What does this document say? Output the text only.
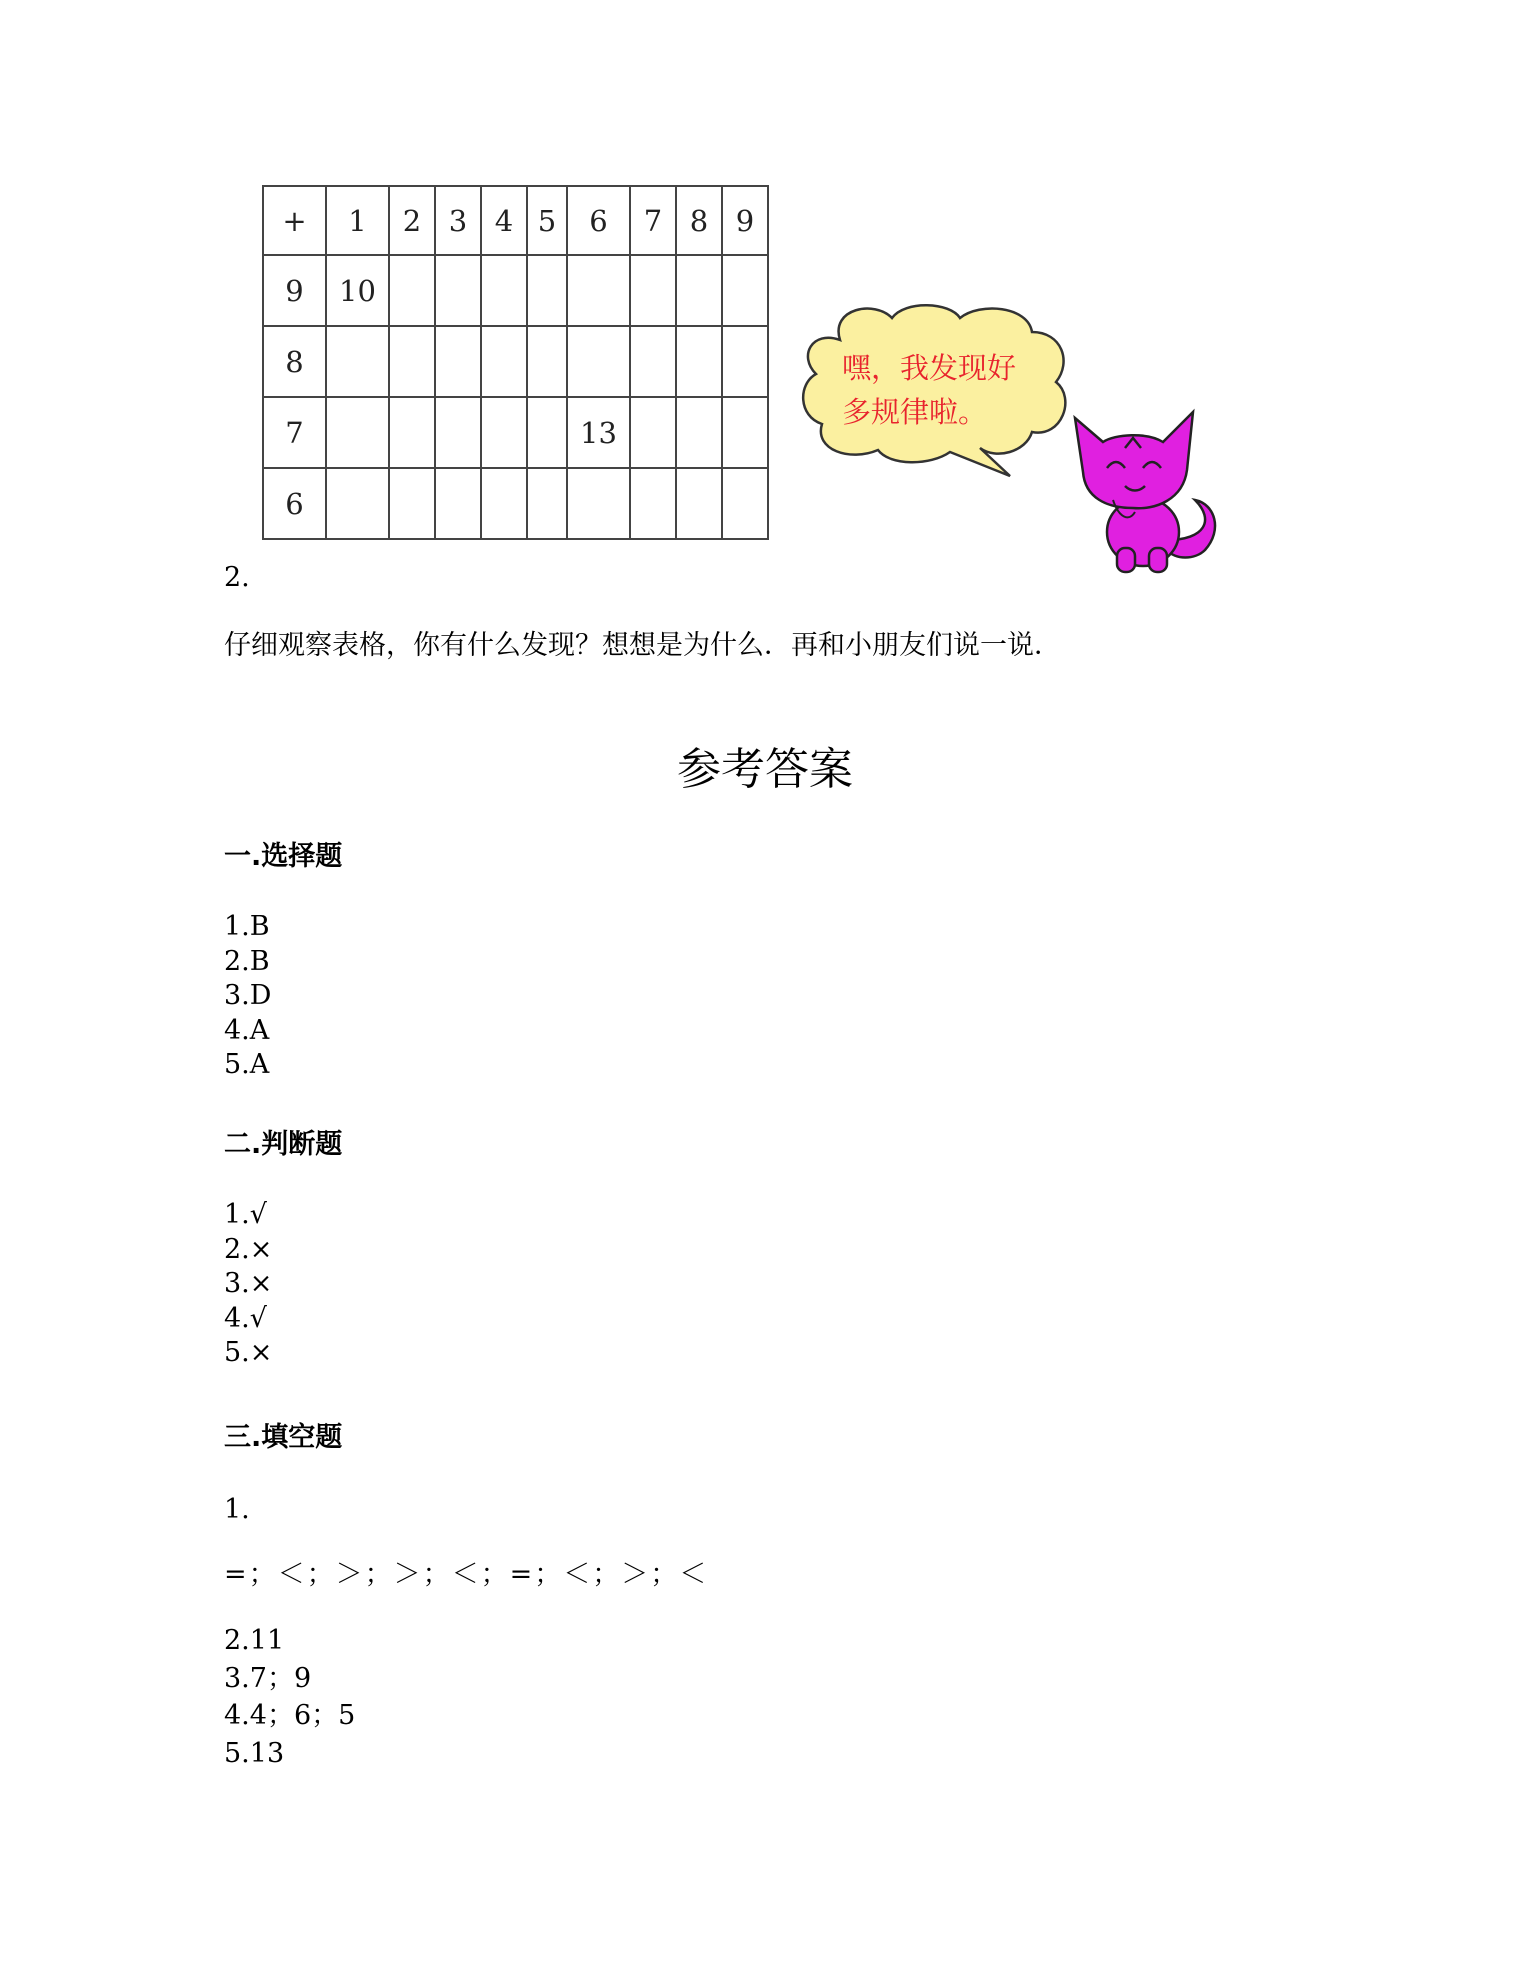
+	1	2	3	4	5	6	7	8	9
9	10								
8									
7						13			
6									
嘿，我发现好
多规律啦。
2.
仔细观察表格，你有什么发现？想想是为什么．再和小朋友们说一说．
参考答案
一.选择题
1.B
2.B
3.D
4.A
5.A
二.判断题
1.√
2.×
3.×
4.√
5.×
三.填空题
1.
=；＜；＞；＞；＜；=；＜；＞；＜
2.11
3.7；9
4.4；6；5
5.13
